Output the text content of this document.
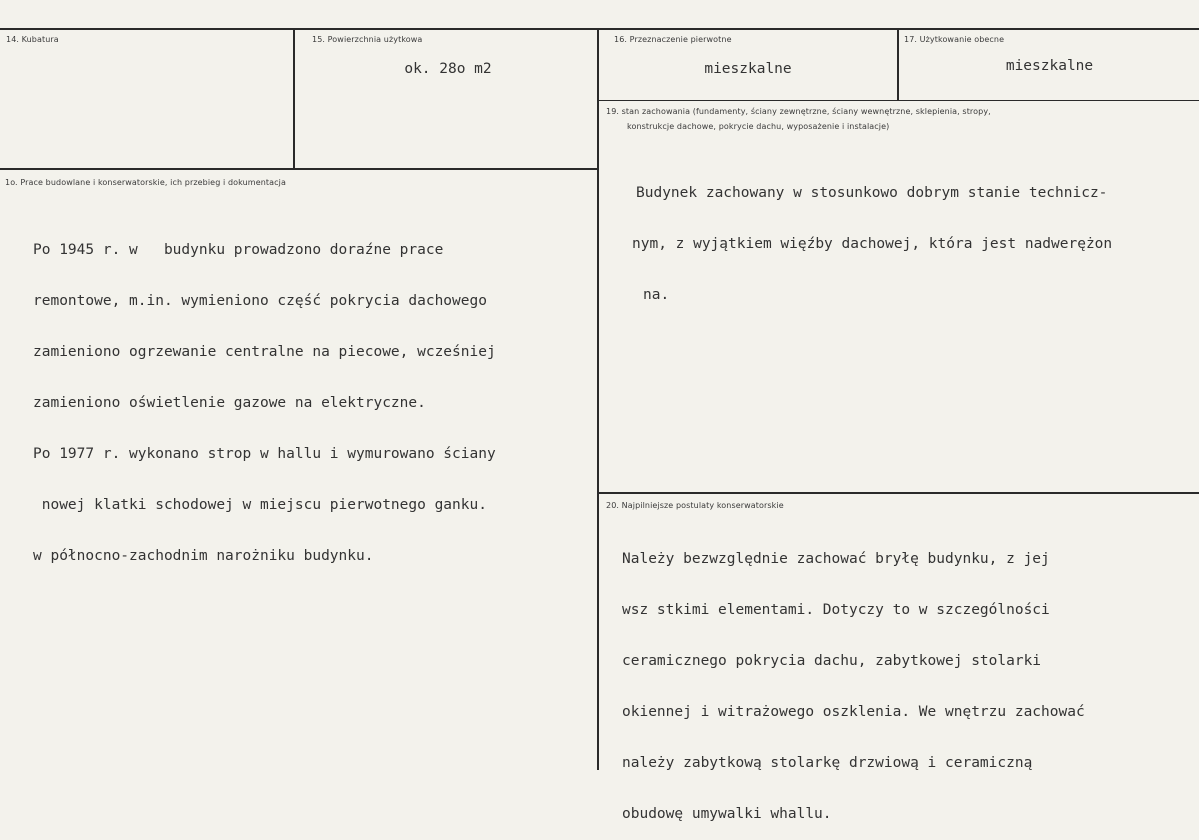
14. Kubatura	15. Powierzchnia użytkowa
ok. 28o m2
16. Przeznaczenie pierwotne
mieszkalne
17. Użytkowanie obecne
mieszkalne
19. stan zachowania (fundamenty, ściany zewnętrzne, ściany wewnętrzne, sklepienia, stropy,
konstrukcje dachowe, pokrycie dachu, wyposażenie i instalacje)

Budynek zachowany w stosunkowo dobrym stanie technicz-

nym, z wyjątkiem więźby dachowej, która jest nadwerężon

na.

1o. Prace budowlane i konserwatorskie, ich przebieg i dokumentacja

Po 1945 r. w   budynku prowadzono doraźne prace

remontowe, m.in. wymieniono część pokrycia dachowego

zamieniono ogrzewanie centralne na piecowe, wcześniej

zamieniono oświetlenie gazowe na elektryczne.

Po 1977 r. wykonano strop w hallu i wymurowano ściany

nowej klatki schodowej w miejscu pierwotnego ganku.

w północno-zachodnim narożniku budynku.

20. Najpilniejsze postulaty konserwatorskie

Należy bezwzględnie zachować bryłę budynku, z jej

wsz stkimi elementami. Dotyczy to w szczególności

ceramicznego pokrycia dachu, zabytkowej stolarki

okiennej i witrażowego oszklenia. We wnętrzu zachować

należy zabytkową stolarkę drzwiową i ceramiczną

obudowę umywalki whallu.
